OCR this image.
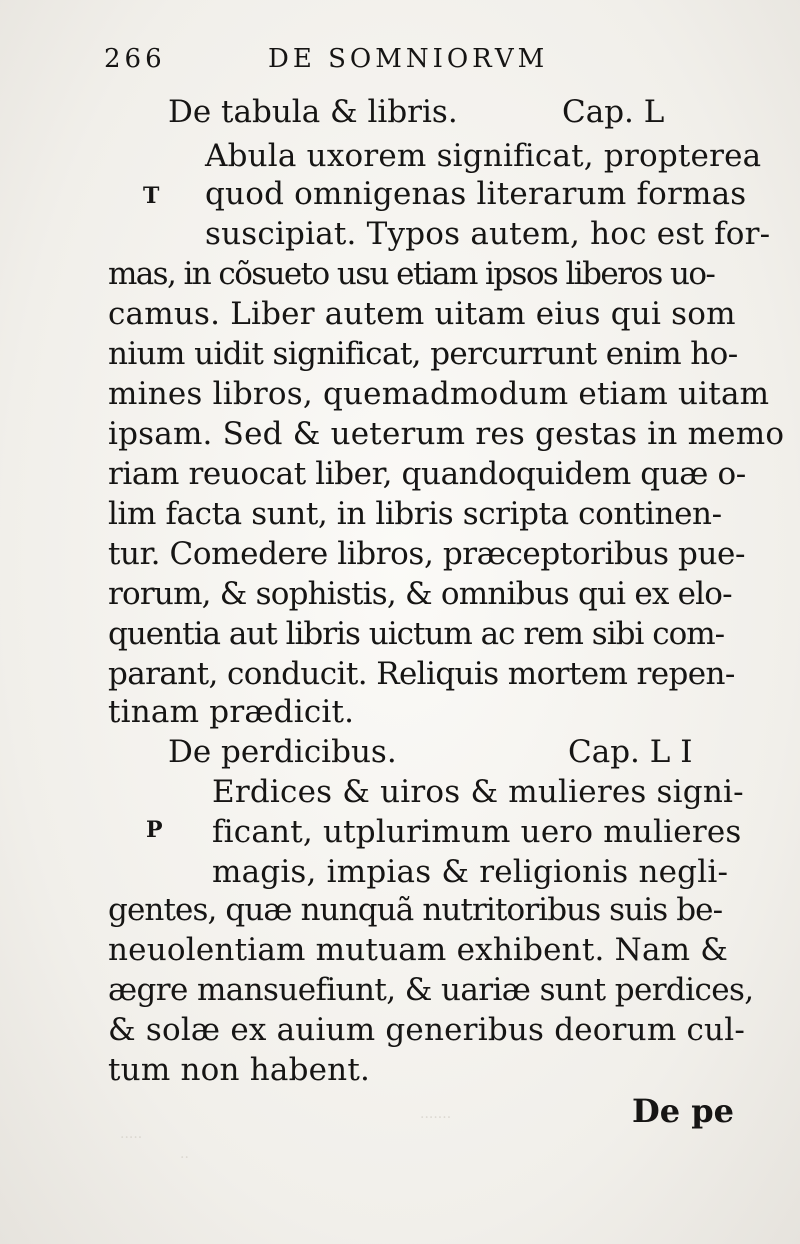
266	DE SOMNIORVM
De tabula & libris.	Cap. L
T
Abula uxorem significat, propterea
quod omnigenas literarum formas
suscipiat. Typos autem, hoc est for-
mas, in cõsueto usu etiam ipsos liberos uo-
camus. Liber autem uitam eius qui som
nium uidit significat, percurrunt enim ho-
mines libros, quemadmodum etiam uitam
ipsam. Sed & ueterum res gestas in memo
riam reuocat liber, quandoquidem quæ o-
lim facta sunt, in libris scripta continen-
tur. Comedere libros, præceptoribus pue-
rorum, & sophistis, & omnibus qui ex elo-
quentia aut libris uictum ac rem sibi com-
parant, conducit. Reliquis mortem repen-
tinam prædicit.
De perdicibus.	Cap. L I
P
Erdices & uiros & mulieres signi-
ficant, utplurimum uero mulieres
magis, impias & religionis negli-
gentes, quæ nunquã nutritoribus suis be-
neuolentiam mutuam exhibent. Nam &
ægre mansuefiunt, & uariæ sunt perdices,
& solæ ex auium generibus deorum cul-
tum non habent.
De pe
·····
·······
··
